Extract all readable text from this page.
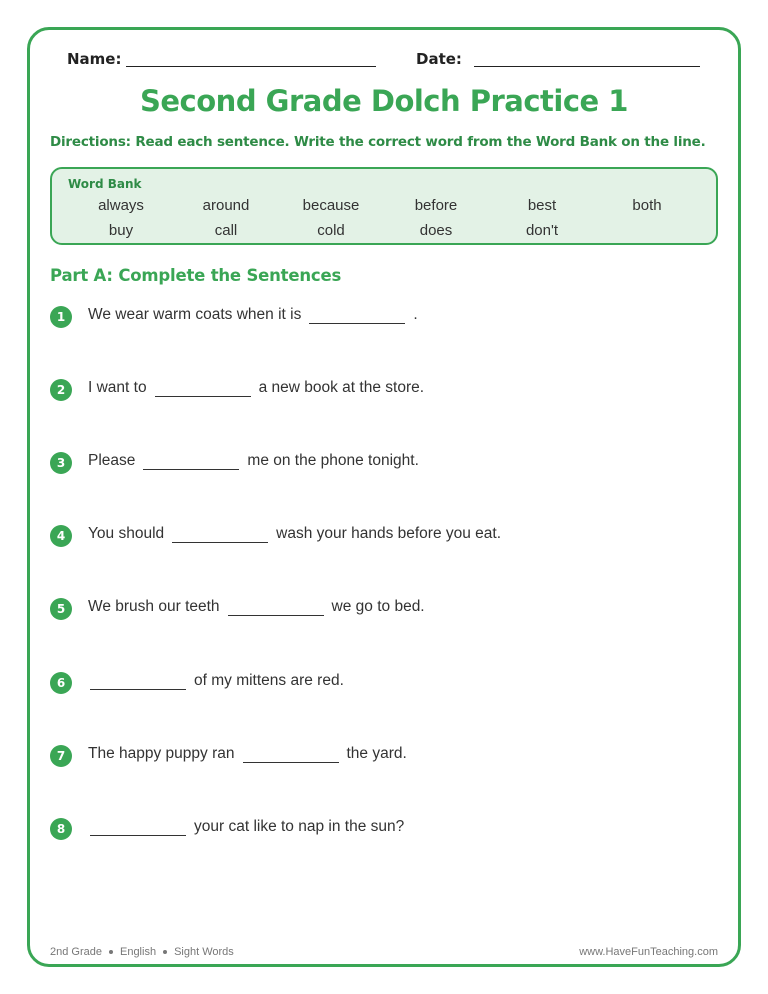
Name:	Date:
Second Grade Dolch Practice 1
Directions: Read each sentence. Write the correct word from the Word Bank on the line.
Word Bank
always	around	because	before	best	both
buy	call	cold	does	don't
Part A: Complete the Sentences
1	We wear warm coats when it is	.
2	I want to	a new book at the store.
3	Please	me on the phone tonight.
4	You should	wash your hands before you eat.
5	We brush our teeth	we go to bed.
6	of my mittens are red.
7	The happy puppy ran	the yard.
8	your cat like to nap in the sun?
2nd Grade English Sight Words	www.HaveFunTeaching.com
